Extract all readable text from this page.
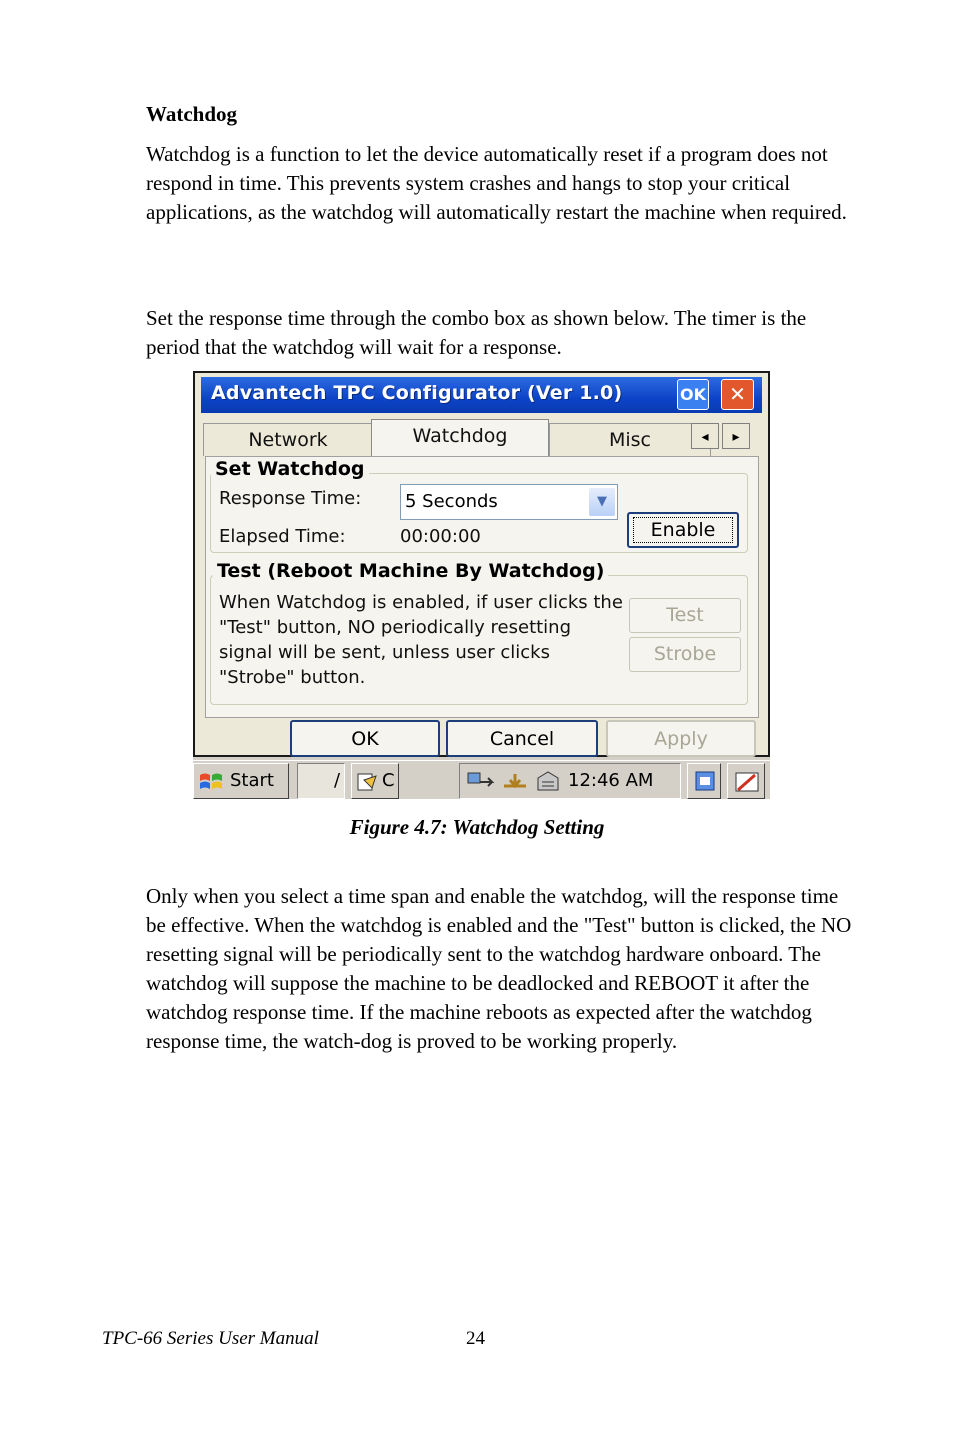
Watchdog
Watchdog is a function to let the device automatically reset if a program does not respond in time. This prevents system crashes and hangs to stop your critical applications, as the watchdog will automatically restart the machine when required.
Set the response time through the combo box as shown below. The timer is the period that the watchdog will wait for a response.
Advantech TPC Configurator (Ver 1.0)	OK	✕
Network	Watchdog	Misc	◂	▸
Set Watchdog
Response Time: 5 Seconds	▼
Elapsed Time:	00:00:00	Enable
Test (Reboot Machine By Watchdog)
When Watchdog is enabled, if user clicks the "Test" button, NO periodically resetting signal will be sent, unless user clicks "Strobe" button.
Test
Strobe
OK	Cancel	Apply
Start	/ C	12:46 AM
Figure 4.7: Watchdog Setting
Only when you select a time span and enable the watchdog, will the response time be effective. When the watchdog is enabled and the "Test" button is clicked, the NO resetting signal will be periodically sent to the watchdog hardware onboard. The watchdog will suppose the machine to be deadlocked and REBOOT it after the watchdog response time. If the machine reboots as expected after the watchdog response time, the watch-dog is proved to be working properly.
TPC-66 Series User Manual	24
